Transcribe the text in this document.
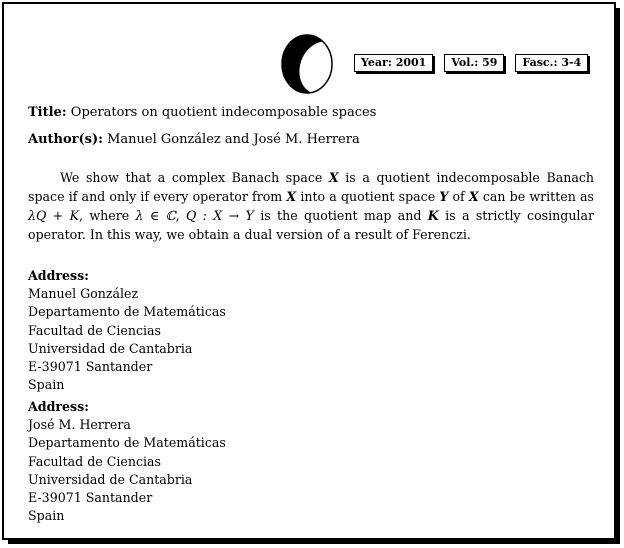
Year: 2001	Vol.: 59	Fasc.: 3-4
Title: Operators on quotient indecomposable spaces
Author(s): Manuel González and José M. Herrera

We show that a complex Banach space X is a quotient indecomposable Banach space if and only if every operator from X into a quotient space Y of X can be written as λQ + K, where λ ∈ ℂ, Q : X → Y is the quotient map and K is a strictly cosingular operator. In this way, we obtain a dual version of a result of Ferenczi.

Address:
Manuel González
Departamento de Matemáticas
Facultad de Ciencias
Universidad de Cantabria
E-39071 Santander
Spain
Address:
José M. Herrera
Departamento de Matemáticas
Facultad de Ciencias
Universidad de Cantabria
E-39071 Santander
Spain
